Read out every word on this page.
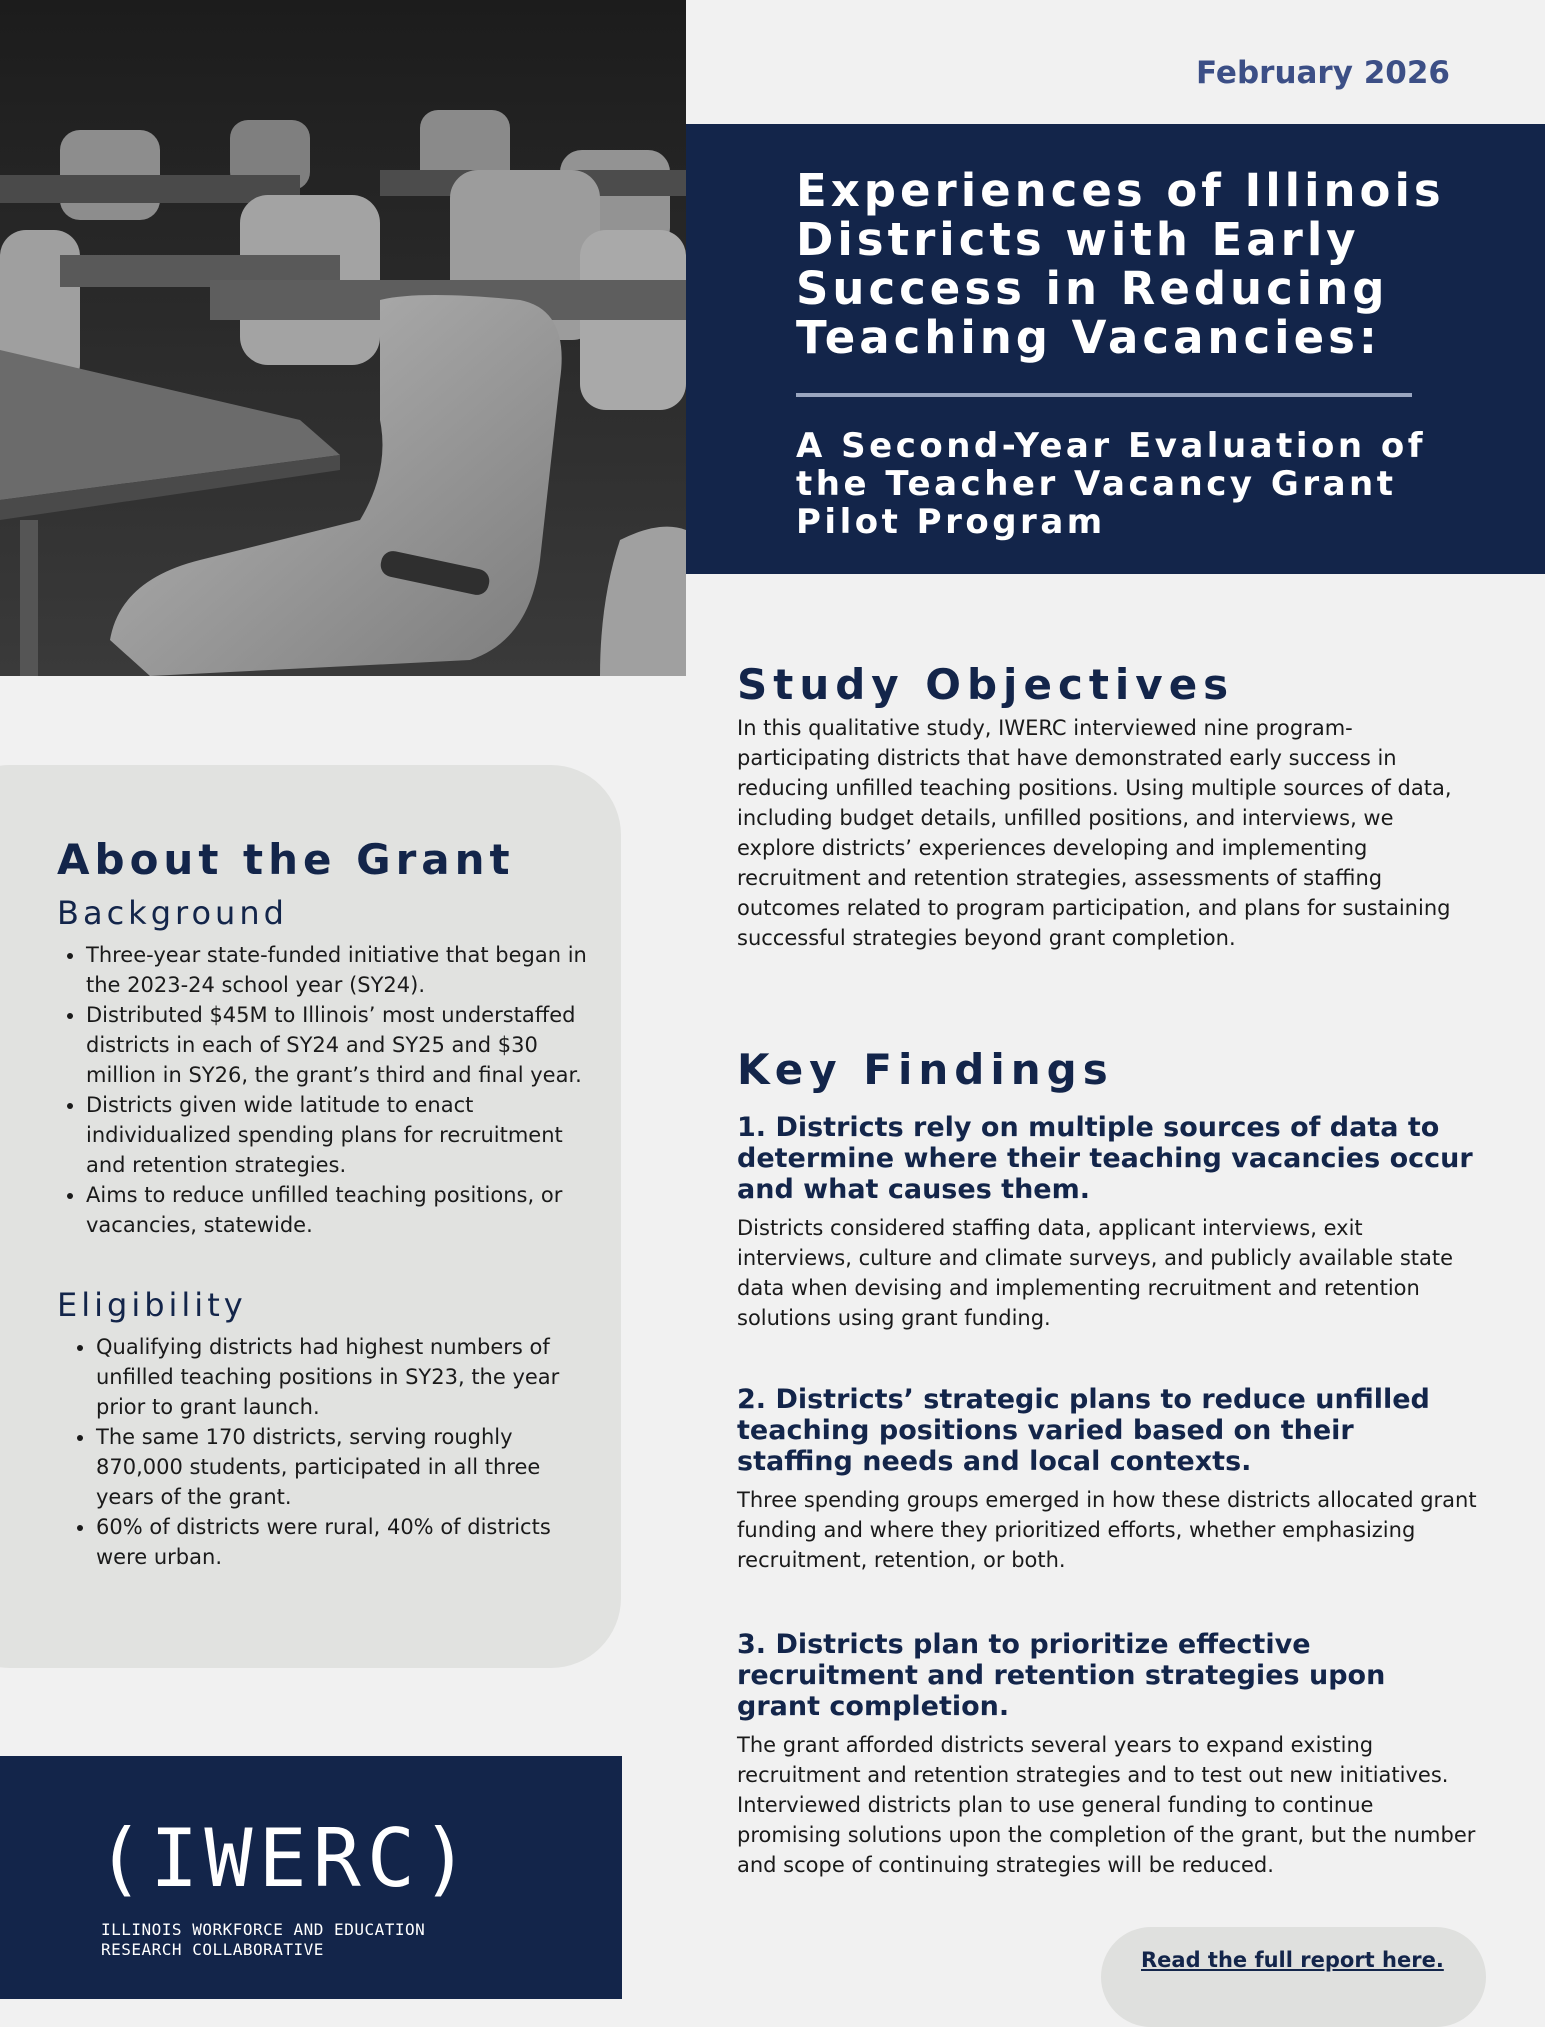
February 2026
Experiences of Illinois Districts with Early Success in Reducing Teaching Vacancies:
A Second-Year Evaluation of the Teacher Vacancy Grant Pilot Program
About the Grant
Background
• Three-year state-funded initiative that began in the 2023-24 school year (SY24).
• Distributed $45M to Illinois’ most understaffed districts in each of SY24 and SY25 and $30 million in SY26, the grant’s third and final year.
• Districts given wide latitude to enact individualized spending plans for recruitment and retention strategies.
• Aims to reduce unfilled teaching positions, or vacancies, statewide.
Eligibility
• Qualifying districts had highest numbers of unfilled teaching positions in SY23, the year prior to grant launch.
• The same 170 districts, serving roughly 870,000 students, participated in all three years of the grant.
• 60% of districts were rural, 40% of districts were urban.
Study Objectives

In this qualitative study, IWERC interviewed nine program-participating districts that have demonstrated early success in reducing unfilled teaching positions. Using multiple sources of data, including budget details, unfilled positions, and interviews, we explore districts’ experiences developing and implementing recruitment and retention strategies, assessments of staffing outcomes related to program participation, and plans for sustaining successful strategies beyond grant completion.

Key Findings

1. Districts rely on multiple sources of data to determine where their teaching vacancies occur and what causes them.

Districts considered staffing data, applicant interviews, exit interviews, culture and climate surveys, and publicly available state data when devising and implementing recruitment and retention solutions using grant funding.

2. Districts’ strategic plans to reduce unfilled teaching positions varied based on their staffing needs and local contexts.

Three spending groups emerged in how these districts allocated grant funding and where they prioritized efforts, whether emphasizing recruitment, retention, or both.

3. Districts plan to prioritize effective recruitment and retention strategies upon grant completion.

The grant afforded districts several years to expand existing recruitment and retention strategies and to test out new initiatives. Interviewed districts plan to use general funding to continue promising solutions upon the completion of the grant, but the number and scope of continuing strategies will be reduced.

(IWERC)
ILLINOIS WORKFORCE AND EDUCATION
RESEARCH COLLABORATIVE	Read the full report here.
